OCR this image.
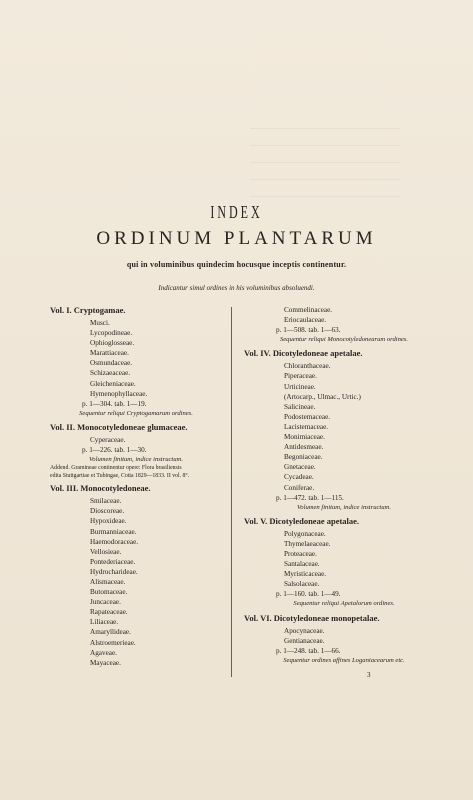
INDEX
ORDINUM PLANTARUM
qui in voluminibus quindecim hocusque inceptis continentur.
Indicantur simul ordines in his voluminibus absoluendi.
Vol. I. Cryptogamae.
Musci.
Lycopodineae.
Ophioglosseae.
Marattiaceae.
Osmundaceae.
Schizaeaceae.
Gleicheniaceae.
Hymenophyllaceae.
p. 1—304. tab. 1—19.
Sequentur reliqui Cryptogamarum ordines.
Vol. II. Monocotyledoneae glumaceae.
Cyperaceae.
p. 1—226. tab. 1—30.
Volumen finitum, indice instructum.
Addend. Gramineae continentur opere: Flora brasiliensis
edita Stuttgartiae et Tubingae, Cotta 1829—1833. II vol. 8°.
Vol. III. Monocotyledoneae.
Smilaceae.
Dioscoreae.
Hypoxideae.
Burmanniaceae.
Haemodoraceae.
Vellosieae.
Pontederiaceae.
Hydrocharideae.
Alismaceae.
Butomaceae.
Juncaceae.
Rapateaceae.
Liliaceae.
Amaryllideae.
Alstroemerieae.
Agaveae.
Mayaceae.
Commelinaceae.
Eriocaulaceae.
p. 1—508. tab. 1—63.
Sequentur reliqui Monocotyledonearum ordines.
Vol. IV. Dicotyledoneae apetalae.
Chloranthaceae.
Piperaceae.
Urticineae.
(Artocarp., Ulmac., Urtic.)
Salicineae.
Podostemaceae.
Lacistemaceae.
Monimiaceae.
Antidesmeae.
Begoniaceae.
Gnetaceae.
Cycadeae.
Coniferae.
p. 1—472. tab. 1—115.
Volumen finitum, indice instructum.
Vol. V. Dicotyledoneae apetalae.
Polygonaceae.
Thymelaeaceae.
Proteaceae.
Santalaceae.
Myristicaceae.
Salsolaceae.
p. 1—160. tab. 1—49.
Sequentur reliqui Apetalorum ordines.
Vol. VI. Dicotyledoneae monopetalae.
Apocynaceae.
Gentianaceae.
p. 1—248. tab. 1—66.
Sequentur ordines affines Loganiacearum etc.
3
